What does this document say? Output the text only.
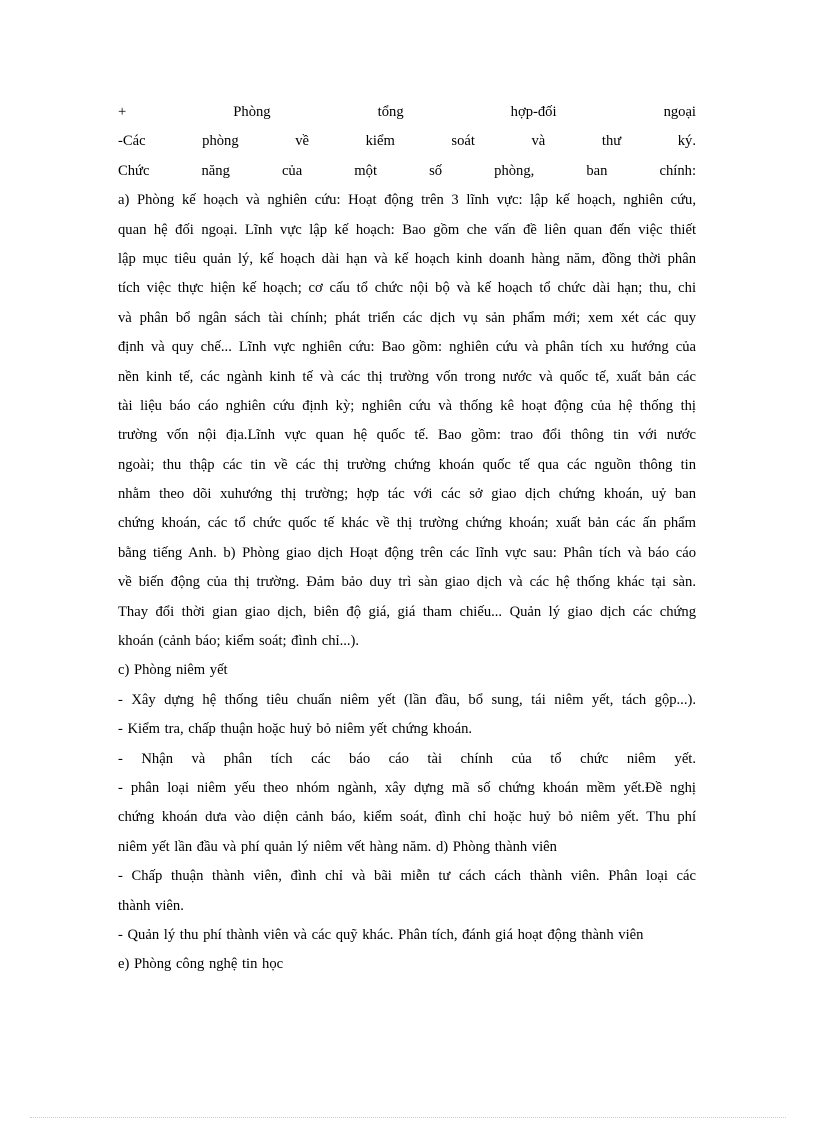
+ Phòng tổng hợp-đối ngoại
-Các phòng về kiểm soát và thư ký.
Chức năng của một số phòng, ban chính:
a) Phòng kế hoạch và nghiên cứu: Hoạt động trên 3 lĩnh vực: lập kế hoạch, nghiên cứu,
quan hệ đối ngoại. Lĩnh vực lập kế hoạch: Bao gồm che vấn đề liên quan đến việc thiết
lập mục tiêu quản lý, kế hoạch dài hạn và kế hoạch kinh doanh hàng năm, đồng thời phân
tích việc thực hiện kế hoạch; cơ cấu tổ chức nội bộ và kế hoạch tổ chức dài hạn; thu, chi
và phân bổ ngân sách tài chính; phát triển các dịch vụ sản phẩm mới; xem xét các quy
định và quy chế... Lĩnh vực nghiên cứu: Bao gồm: nghiên cứu và phân tích xu hướng của
nền kinh tế, các ngành kinh tế và các thị trường vốn trong nước và quốc tế, xuất bản các
tài liệu báo cáo nghiên cứu định kỳ; nghiên cứu và thống kê hoạt động của hệ thống thị
trường vốn nội địa.Lĩnh vực quan hệ quốc tế. Bao gồm: trao đổi thông tin với nước
ngoài; thu thập các tin về các thị trường chứng khoán quốc tế qua các nguồn thông tin
nhằm theo dõi xuhướng thị trường; hợp tác với các sở giao dịch chứng khoán, uỷ ban
chứng khoán, các tổ chức quốc tế khác về thị trường chứng khoán; xuất bản các ấn phẩm
bằng tiếng Anh. b) Phòng giao dịch Hoạt động trên các lĩnh vực sau: Phân tích và báo cáo
về biến động của thị trường. Đảm bảo duy trì sàn giao dịch và các hệ thống khác tại sàn.
Thay đổi thời gian giao dịch, biên độ giá, giá tham chiếu... Quản lý giao dịch các chứng
khoán (cảnh báo; kiểm soát; đình chỉ...).
c) Phòng niêm yết
- Xây dựng hệ thống tiêu chuẩn niêm yết (lần đầu, bổ sung, tái niêm yết, tách gộp...).
- Kiểm tra, chấp thuận hoặc huỷ bỏ niêm yết chứng khoán.
- Nhận và phân tích các báo cáo tài chính của tổ chức niêm yết.
- phân loại niêm yếu theo nhóm ngành, xây dựng mã số chứng khoán mềm yết.Đề nghị
chứng khoán dưa vào diện cảnh báo, kiểm soát, đình chỉ hoặc huỷ bỏ niêm yết. Thu phí
niêm yết lần đầu và phí quản lý niêm vết hàng năm. d) Phòng thành viên
- Chấp thuận thành viên, đình chỉ và bãi miễn tư cách cách thành viên. Phân loại các
thành viên.
- Quản lý thu phí thành viên và các quỹ khác. Phân tích, đánh giá hoạt động thành viên
e) Phòng công nghệ tin học
